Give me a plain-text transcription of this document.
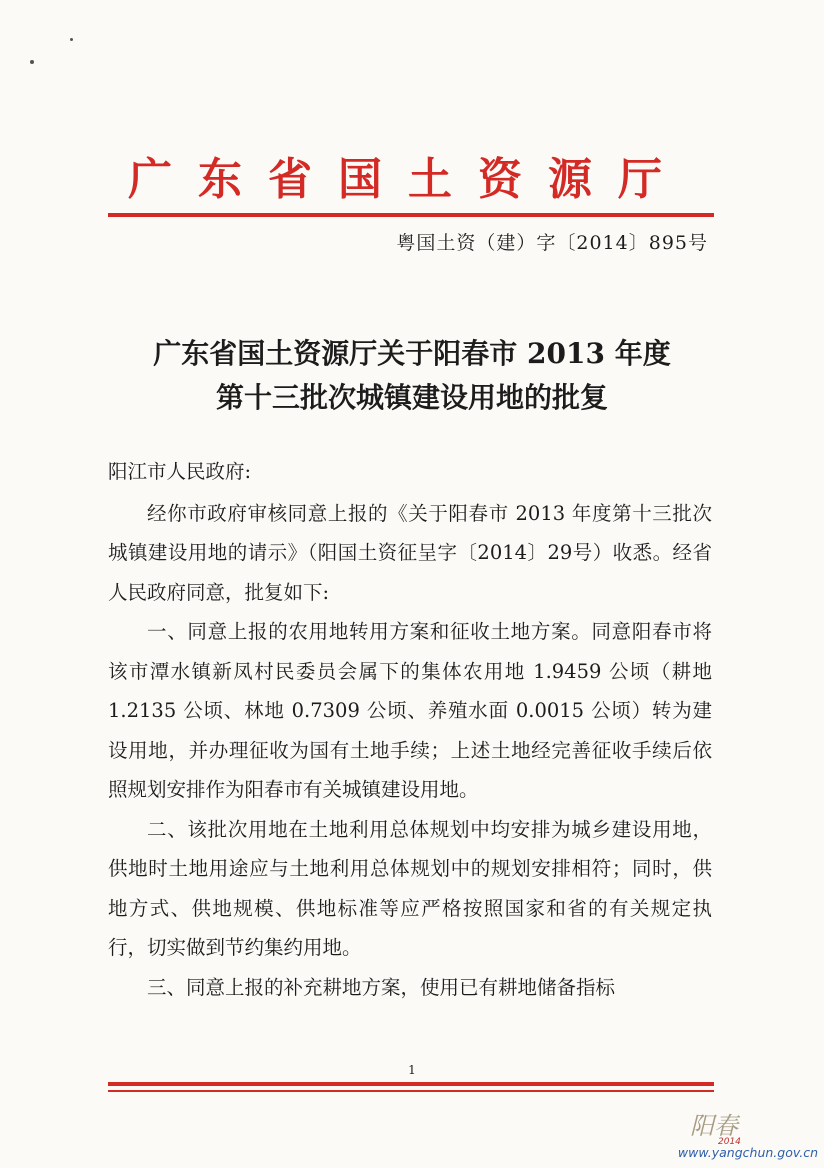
广东省国土资源厅
粤国土资（建）字〔2014〕895号
广东省国土资源厅关于阳春市 2013 年度
第十三批次城镇建设用地的批复

阳江市人民政府:

经你市政府审核同意上报的《关于阳春市 2013 年度第十三批次城镇建设用地的请示》（阳国土资征呈字〔2014〕29号）收悉。经省人民政府同意，批复如下:

一、同意上报的农用地转用方案和征收土地方案。同意阳春市将该市潭水镇新凤村民委员会属下的集体农用地 1.9459 公顷（耕地 1.2135 公顷、林地 0.7309 公顷、养殖水面 0.0015 公顷）转为建设用地，并办理征收为国有土地手续；上述土地经完善征收手续后依照规划安排作为阳春市有关城镇建设用地。

二、该批次用地在土地利用总体规划中均安排为城乡建设用地，供地时土地用途应与土地利用总体规划中的规划安排相符；同时，供地方式、供地规模、供地标准等应严格按照国家和省的有关规定执行，切实做到节约集约用地。

三、同意上报的补充耕地方案，使用已有耕地储备指标

1
阳春
2014
www.yangchun.gov.cn
